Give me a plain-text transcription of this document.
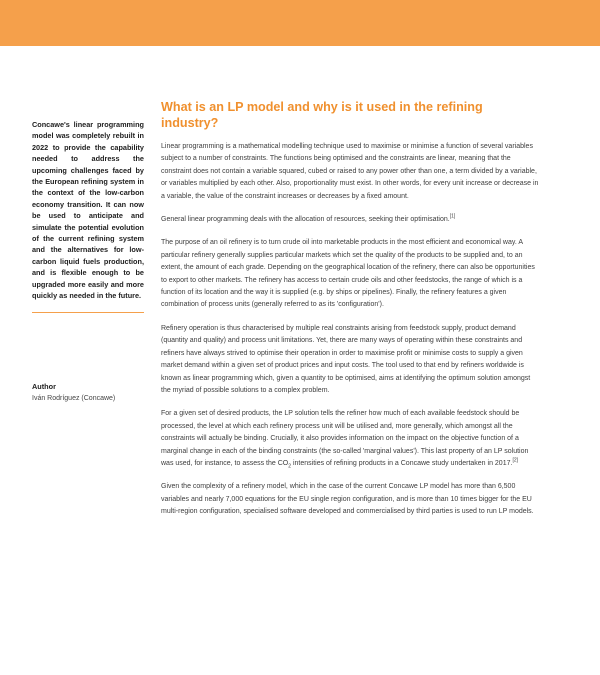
Concawe's linear programming model was completely rebuilt in 2022 to provide the capability needed to address the upcoming challenges faced by the European refining system in the context of the low-carbon economy transition. It can now be used to anticipate and simulate the potential evolution of the current refining system and the alternatives for low-carbon liquid fuels production, and is flexible enough to be upgraded more easily and more quickly as needed in the future.

Author

Iván Rodríguez (Concawe)

What is an LP model and why is it used in the refining industry?

Linear programming is a mathematical modelling technique used to maximise or minimise a function of several variables subject to a number of constraints. The functions being optimised and the constraints are linear, meaning that the constraint does not contain a variable squared, cubed or raised to any power other than one, a term divided by a variable, or variables multiplied by each other. Also, proportionality must exist. In other words, for every unit increase or decrease in a variable, the value of the constraint increases or decreases by a fixed amount.

General linear programming deals with the allocation of resources, seeking their optimisation.[1]

The purpose of an oil refinery is to turn crude oil into marketable products in the most efficient and economical way. A particular refinery generally supplies particular markets which set the quality of the products to be supplied and, to an extent, the amount of each grade. Depending on the geographical location of the refinery, there can also be opportunities to export to other markets. The refinery has access to certain crude oils and other feedstocks, the range of which is a function of its location and the way it is supplied (e.g. by ships or pipelines). Finally, the refinery features a given combination of process units (generally referred to as its 'configuration').

Refinery operation is thus characterised by multiple real constraints arising from feedstock supply, product demand (quantity and quality) and process unit limitations. Yet, there are many ways of operating within these constraints and refiners have always strived to optimise their operation in order to maximise profit or minimise costs to supply a given market demand within a given set of product prices and input costs. The tool used to that end by refiners worldwide is known as linear programming which, given a quantity to be optimised, aims at identifying the optimum solution amongst the myriad of possible solutions to a complex problem.

For a given set of desired products, the LP solution tells the refiner how much of each available feedstock should be processed, the level at which each refinery process unit will be utilised and, more generally, which amongst all the constraints will actually be binding. Crucially, it also provides information on the impact on the objective function of a marginal change in each of the binding constraints (the so-called 'marginal values'). This last property of an LP solution was used, for instance, to assess the $CO_2$ intensities of refining products in a Concawe study undertaken in 2017.[2]

Given the complexity of a refinery model, which in the case of the current Concawe LP model has more than 6,500 variables and nearly 7,000 equations for the EU single region configuration, and is more than 10 times bigger for the EU multi-region configuration, specialised software developed and commercialised by third parties is used to run LP models.
